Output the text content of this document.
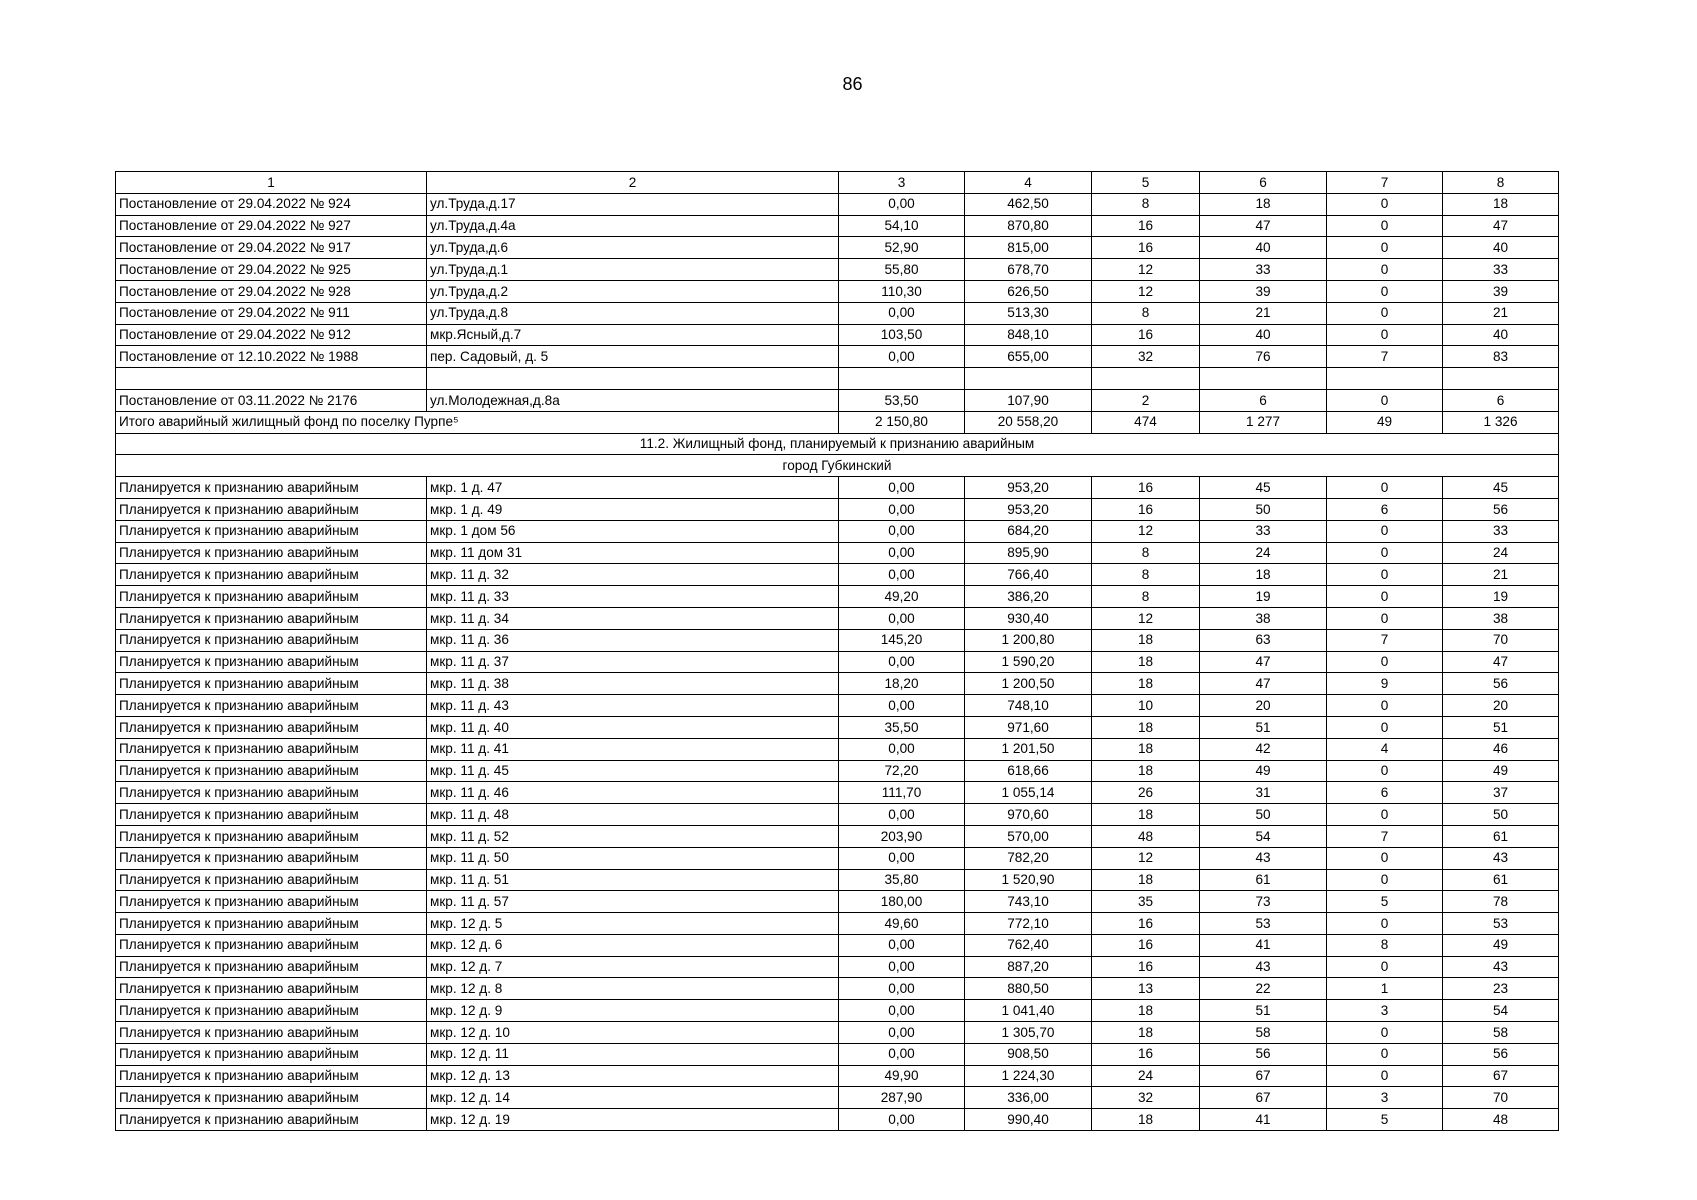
86
1	2	3	4	5	6	7	8
Постановление от 29.04.2022 № 924	ул.Труда,д.17	0,00	462,50	8	18	0	18
Постановление от 29.04.2022 № 927	ул.Труда,д.4а	54,10	870,80	16	47	0	47
Постановление от 29.04.2022 № 917	ул.Труда,д.6	52,90	815,00	16	40	0	40
Постановление от 29.04.2022 № 925	ул.Труда,д.1	55,80	678,70	12	33	0	33
Постановление от 29.04.2022 № 928	ул.Труда,д.2	110,30	626,50	12	39	0	39
Постановление от 29.04.2022 № 911	ул.Труда,д.8	0,00	513,30	8	21	0	21
Постановление от 29.04.2022 № 912	мкр.Ясный,д.7	103,50	848,10	16	40	0	40
Постановление от 12.10.2022 № 1988	пер. Садовый, д. 5	0,00	655,00	32	76	7	83

Постановление от 03.11.2022 № 2176	ул.Молодежная,д.8а	53,50	107,90	2	6	0	6
Итого аварийный жилищный фонд по поселку Пурпе⁵		2 150,80	20 558,20	474	1 277	49	1 326
11.2. Жилищный фонд, планируемый к признанию аварийным							
город Губкинский							
Планируется к признанию аварийным	мкр. 1 д. 47	0,00	953,20	16	45	0	45
Планируется к признанию аварийным	мкр. 1 д. 49	0,00	953,20	16	50	6	56
Планируется к признанию аварийным	мкр. 1 дом 56	0,00	684,20	12	33	0	33
Планируется к признанию аварийным	мкр. 11 дом 31	0,00	895,90	8	24	0	24
Планируется к признанию аварийным	мкр. 11 д. 32	0,00	766,40	8	18	0	21
Планируется к признанию аварийным	мкр. 11 д. 33	49,20	386,20	8	19	0	19
Планируется к признанию аварийным	мкр. 11 д. 34	0,00	930,40	12	38	0	38
Планируется к признанию аварийным	мкр. 11 д. 36	145,20	1 200,80	18	63	7	70
Планируется к признанию аварийным	мкр. 11 д. 37	0,00	1 590,20	18	47	0	47
Планируется к признанию аварийным	мкр. 11 д. 38	18,20	1 200,50	18	47	9	56
Планируется к признанию аварийным	мкр. 11 д. 43	0,00	748,10	10	20	0	20
Планируется к признанию аварийным	мкр. 11 д. 40	35,50	971,60	18	51	0	51
Планируется к признанию аварийным	мкр. 11 д. 41	0,00	1 201,50	18	42	4	46
Планируется к признанию аварийным	мкр. 11 д. 45	72,20	618,66	18	49	0	49
Планируется к признанию аварийным	мкр. 11 д. 46	111,70	1 055,14	26	31	6	37
Планируется к признанию аварийным	мкр. 11 д. 48	0,00	970,60	18	50	0	50
Планируется к признанию аварийным	мкр. 11 д. 52	203,90	570,00	48	54	7	61
Планируется к признанию аварийным	мкр. 11 д. 50	0,00	782,20	12	43	0	43
Планируется к признанию аварийным	мкр. 11 д. 51	35,80	1 520,90	18	61	0	61
Планируется к признанию аварийным	мкр. 11 д. 57	180,00	743,10	35	73	5	78
Планируется к признанию аварийным	мкр. 12 д. 5	49,60	772,10	16	53	0	53
Планируется к признанию аварийным	мкр. 12 д. 6	0,00	762,40	16	41	8	49
Планируется к признанию аварийным	мкр. 12 д. 7	0,00	887,20	16	43	0	43
Планируется к признанию аварийным	мкр. 12 д. 8	0,00	880,50	13	22	1	23
Планируется к признанию аварийным	мкр. 12 д. 9	0,00	1 041,40	18	51	3	54
Планируется к признанию аварийным	мкр. 12 д. 10	0,00	1 305,70	18	58	0	58
Планируется к признанию аварийным	мкр. 12 д. 11	0,00	908,50	16	56	0	56
Планируется к признанию аварийным	мкр. 12 д. 13	49,90	1 224,30	24	67	0	67
Планируется к признанию аварийным	мкр. 12 д. 14	287,90	336,00	32	67	3	70
Планируется к признанию аварийным	мкр. 12 д. 19	0,00	990,40	18	41	5	48
